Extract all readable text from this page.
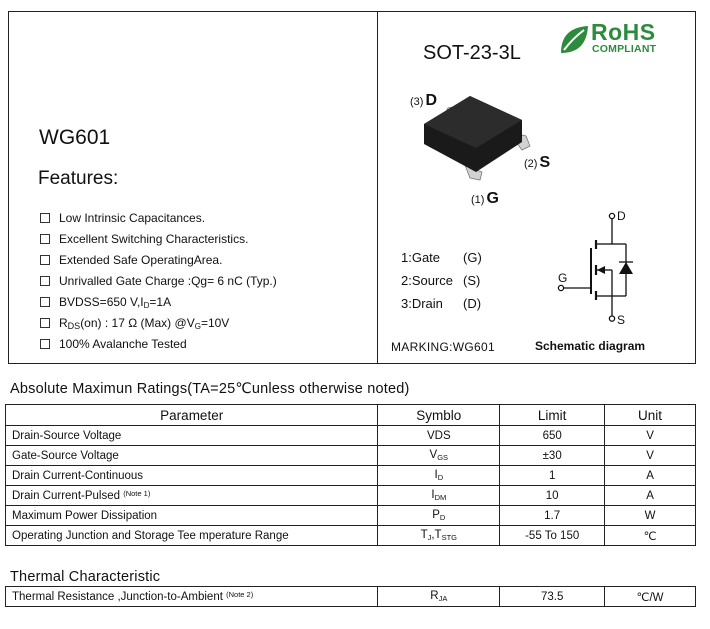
WG601
Features:
Low Intrinsic Capacitances.
Excellent Switching Characteristics.
Extended Safe OperatingArea.
Unrivalled Gate Charge :Qg= 6 nC (Typ.)
BVDSS=650 $V,I_D=1A$
$R_{DS}(on)$ : 17 Ω (Max) $@V_G=10V$
100% Avalanche Tested
SOT-23-3L
RoHS
COMPLIANT
(3) D
(2) S
(1) G
1:Gate (G)
2:Source (S)
3:Drain (D)
D
G
S
MARKING:WG601	Schematic diagram
Absolute Maximun Ratings(TA=25℃unless otherwise noted)
Parameter	Symblo	Limit	Unit
Drain-Source Voltage	VDS	650	V
Gate-Source Voltage	$V_{GS}$	±30	V
Drain Current-Continuous	$I_D$	1	A
Drain Current-Pulsed $^{(Note 1)}$	$I_{DM}$	10	A
Maximum Power Dissipation	$P_D$	1.7	W
Operating Junction and Storage Tee mperature Range	$T_J,T_{STG}$	-55 To 150	℃
Thermal Characteristic
Thermal Resistance ,Junction-to-Ambient $^{(Note 2)}$	$R_{JA}$	73.5	℃/W
